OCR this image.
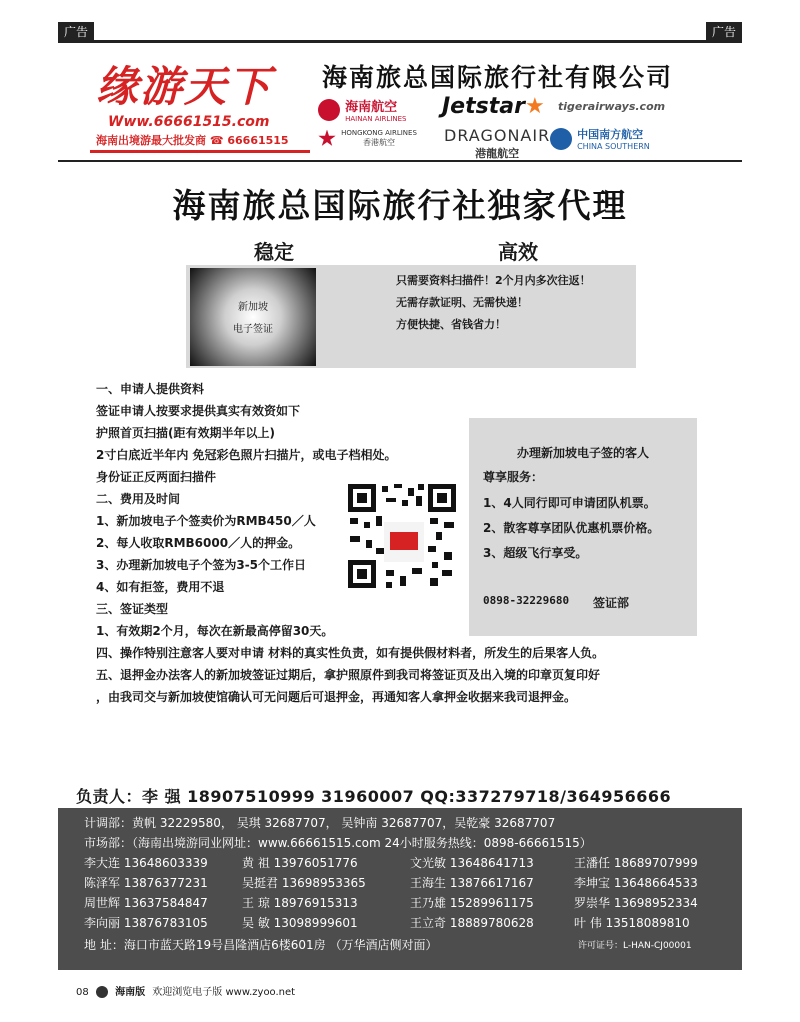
广告	广告
缘游天下
Www.66661515.com
海南出境游最大批发商 ☎ 66661515
海南旅总国际旅行社有限公司

海南航空
HAINAN AIRLINES Jetstar★ tigerairways.com

HONGKONG AIRLINES
香港航空	DRAGONAIR
港龍航空

中国南方航空
CHINA SOUTHERN
海南旅总国际旅行社独家代理
稳定	高效
新加坡
电子签证
只需要资料扫描件！2个月内多次往返！
无需存款证明、无需快递！
方便快捷、省钱省力！
一、申请人提供资料
签证申请人按要求提供真实有效资如下
护照首页扫描(距有效期半年以上)
2寸白底近半年内 免冠彩色照片扫描片，或电子档相处。
身份证正反两面扫描件
二、费用及时间
1、新加坡电子个签卖价为RMB450／人
2、每人收取RMB6000／人的押金。
3、办理新加坡电子个签为3-5个工作日
4、如有拒签，费用不退
三、签证类型
1、有效期2个月，每次在新最高停留30天。
四、操作特别注意客人要对申请 材料的真实性负责，如有提供假材料者，所发生的后果客人负。
五、退押金办法客人的新加坡签证过期后，拿护照原件到我司将签证页及出入境的印章页复印好
，由我司交与新加坡使馆确认可无问题后可退押金，再通知客人拿押金收据来我司退押金。
办理新加坡电子签的客人
尊享服务：
1、4人同行即可申请团队机票。
2、散客尊享团队优惠机票价格。
3、超级飞行享受。
0898-32229680 签证部
负责人：李 强 18907510999 31960007 QQ:337279718/364956666
计调部：黄帆 32229580， 吴琪 32687707， 吴钟南 32687707，吴乾豪 32687707
市场部：（海南出境游同业网址：www.66661515.com 24小时服务热线：0898-66661515）
李大连 13648603339	黄 祖 13976051776	文光敏 13648641713	王潘任 18689707999
陈泽军 13876377231	吴挺君 13698953365	王海生 13876617167	李坤宝 13648664533
周世辉 13637584847	王 琼 18976915313	王乃雄 15289961175	罗崇华 13698952334
李向丽 13876783105	吴 敏 13098999601	王立奇 18889780628	叶 伟 13518089810
地 址：海口市蓝天路19号昌隆酒店6楼601房 （万华酒店侧对面）	许可证号：L-HAN-CJ00001
08	海南版 欢迎浏览电子版 www.zyoo.net
